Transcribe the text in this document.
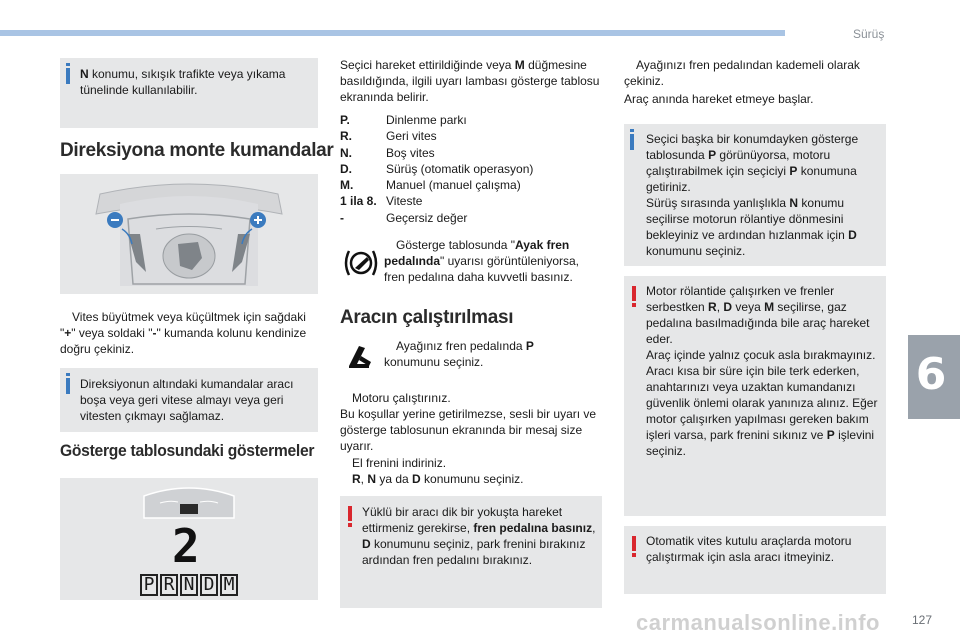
Sürüş
6
N konumu, sıkışık trafikte veya yıkama tünelinde kullanılabilir.
Direksiyona monte kumandalar
Vites büyütmek veya küçültmek için sağdaki "+" veya soldaki "-" kumanda kolunu kendinize doğru çekiniz.
Direksiyonun altındaki kumandalar aracı boşa veya geri vitese almayı veya geri vitesten çıkmayı sağlamaz.
Gösterge tablosundaki göstermeler
2
P R N D M
Seçici hareket ettirildiğinde veya M düğmesine basıldığında, ilgili uyarı lambası gösterge tablosu ekranında belirir.
P.	Dinlenme parkı
R.	Geri vites
N.	Boş vites
D.	Sürüş (otomatik operasyon)
M.	Manuel (manuel çalışma)
1 ila 8. Viteste
-	Geçersiz değer
Gösterge tablosunda "Ayak fren pedalında" uyarısı görüntüleniyorsa, fren pedalına daha kuvvetli basınız.
Aracın çalıştırılması
Ayağınız fren pedalında P konumunu seçiniz.
Motoru çalıştırınız.
Bu koşullar yerine getirilmezse, sesli bir uyarı ve gösterge tablosunun ekranında bir mesaj size uyarır.
El frenini indiriniz.
R, N ya da D konumunu seçiniz.
Yüklü bir aracı dik bir yokuşta hareket ettirmeniz gerekirse, fren pedalına basınız, D konumunu seçiniz, park frenini bırakınız ardından fren pedalını bırakınız.
Ayağınızı fren pedalından kademeli olarak çekiniz.
Araç anında hareket etmeye başlar.
Seçici başka bir konumdayken gösterge tablosunda P görünüyorsa, motoru çalıştırabilmek için seçiciyi P konumuna getiriniz.
Sürüş sırasında yanlışlıkla N konumu seçilirse motorun rölantiye dönmesini bekleyiniz ve ardından hızlanmak için D konumunu seçiniz.
Motor rölantide çalışırken ve frenler serbestken R, D veya M seçilirse, gaz pedalına basılmadığında bile araç hareket eder.
Araç içinde yalnız çocuk asla bırakmayınız.
Aracı kısa bir süre için bile terk ederken, anahtarınızı veya uzaktan kumandanızı güvenlik önlemi olarak yanınıza alınız. Eğer motor çalışırken yapılması gereken bakım işleri varsa, park frenini sıkınız ve P işlevini seçiniz.
Otomatik vites kutulu araçlarda motoru çalıştırmak için asla aracı itmeyiniz.
127
carmanualsonline.info
